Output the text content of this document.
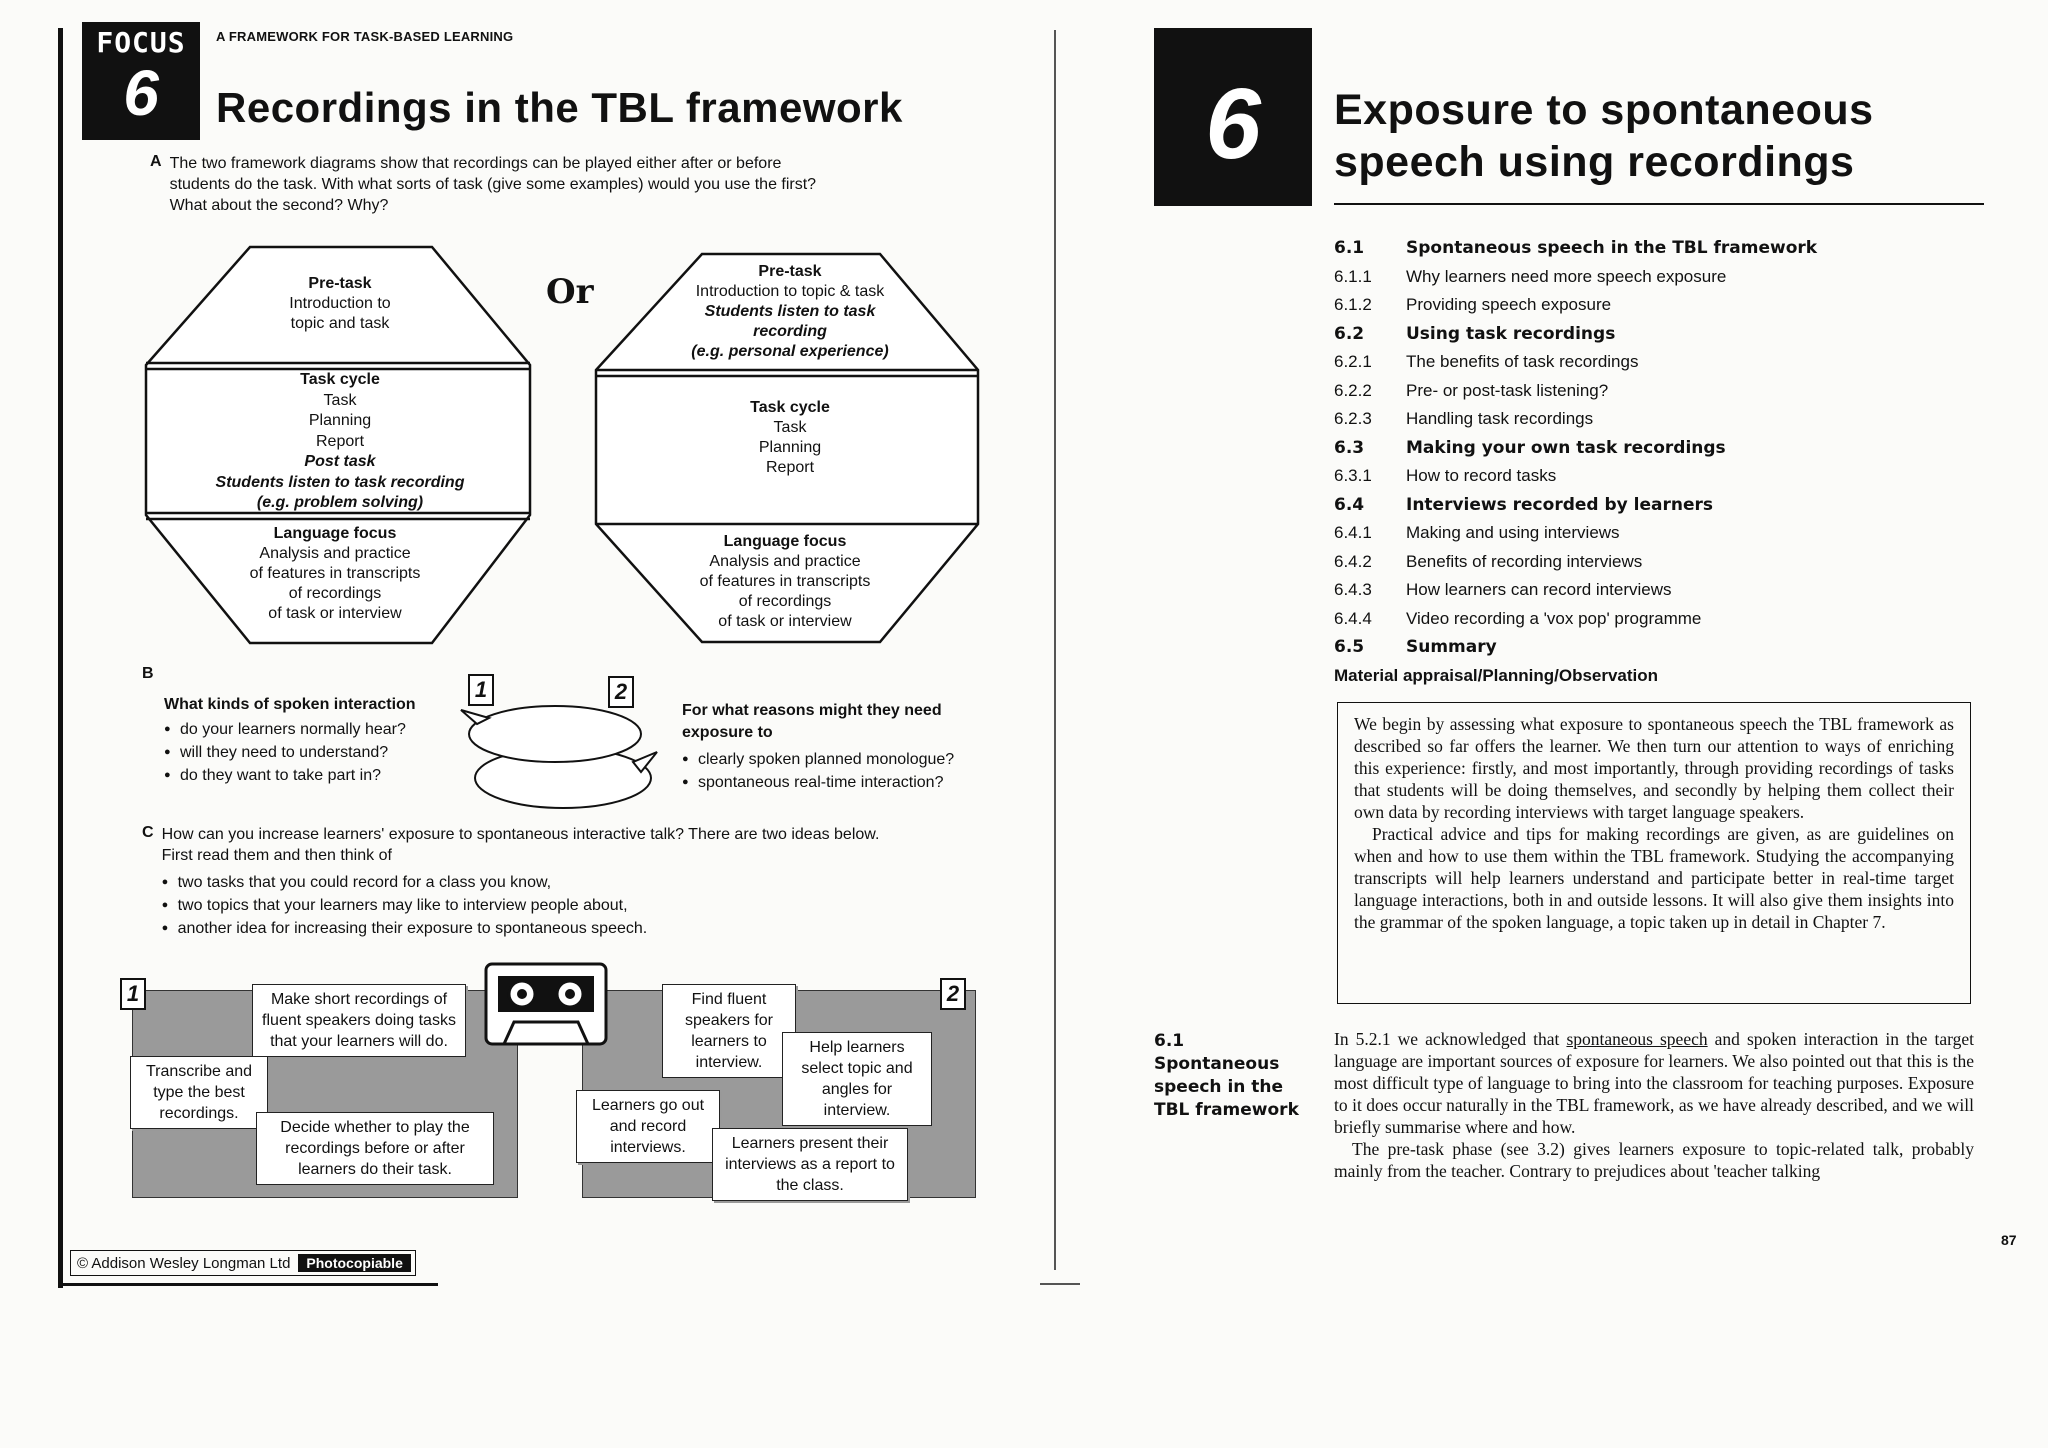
FOCUS
6
A FRAMEWORK FOR TASK-BASED LEARNING
Recordings in the TBL framework
A The two framework diagrams show that recordings can be played either after or before students do the task. With what sorts of task (give some examples) would you use the first? What about the second? Why?
Pre-task
Introduction to
topic and task
Task cycle
Task
Planning
Report
Post task
Students listen to task recording
(e.g. problem solving)
Language focus
Analysis and practice
of features in transcripts
of recordings
of task or interview
Or
Pre-task
Introduction to topic & task
Students listen to task
recording
(e.g. personal experience)
Task cycle
Task
Planning
Report
Language focus
Analysis and practice
of features in transcripts
of recordings
of task or interview
B
What kinds of spoken interaction
● do your learners normally hear?
● will they need to understand?
● do they want to take part in?
1	2
For what reasons might they need
exposure to
● clearly spoken planned monologue?
● spontaneous real-time interaction?
C How can you increase learners' exposure to spontaneous interactive talk? There are two ideas below.
First read them and then think of
● two tasks that you could record for a class you know,
● two topics that your learners may like to interview people about,
● another idea for increasing their exposure to spontaneous speech.
1	2
Make short recordings of fluent speakers doing tasks that your learners will do.
Transcribe and type the best recordings.
Decide whether to play the recordings before or after learners do their task.
Find fluent speakers for learners to interview.
Help learners select topic and angles for interview.
Learners go out and record interviews.	Learners present their interviews as a report to the class.
© Addison Wesley Longman Ltd	Photocopiable
6 Exposure to spontaneous
speech using recordings
6.1	Spontaneous speech in the TBL framework
6.1.1	Why learners need more speech exposure
6.1.2	Providing speech exposure
6.2	Using task recordings
6.2.1	The benefits of task recordings
6.2.2	Pre- or post-task listening?
6.2.3	Handling task recordings
6.3	Making your own task recordings
6.3.1	How to record tasks
6.4	Interviews recorded by learners
6.4.1	Making and using interviews
6.4.2	Benefits of recording interviews
6.4.3	How learners can record interviews
6.4.4	Video recording a 'vox pop' programme
6.5	Summary
Material appraisal/Planning/Observation

We begin by assessing what exposure to spontaneous speech the TBL framework as described so far offers the learner. We then turn our attention to ways of enriching this experience: firstly, and most importantly, through providing recordings of tasks that students will be doing themselves, and secondly by helping them collect their own data by recording interviews with target language speakers.

Practical advice and tips for making recordings are given, as are guidelines on when and how to use them within the TBL framework. Studying the accompanying transcripts will help learners understand and participate better in real-time target language interactions, both in and outside lessons. It will also give them insights into the grammar of the spoken language, a topic taken up in detail in Chapter 7.

6.1
Spontaneous
speech in the
TBL framework

In 5.2.1 we acknowledged that spontaneous speech and spoken interaction in the target language are important sources of exposure for learners. We also pointed out that this is the most difficult type of language to bring into the classroom for teaching purposes. Exposure to it does occur naturally in the TBL framework, as we have already described, and we will briefly summarise where and how.

The pre-task phase (see 3.2) gives learners exposure to topic-related talk, probably mainly from the teacher. Contrary to prejudices about 'teacher talking

87
